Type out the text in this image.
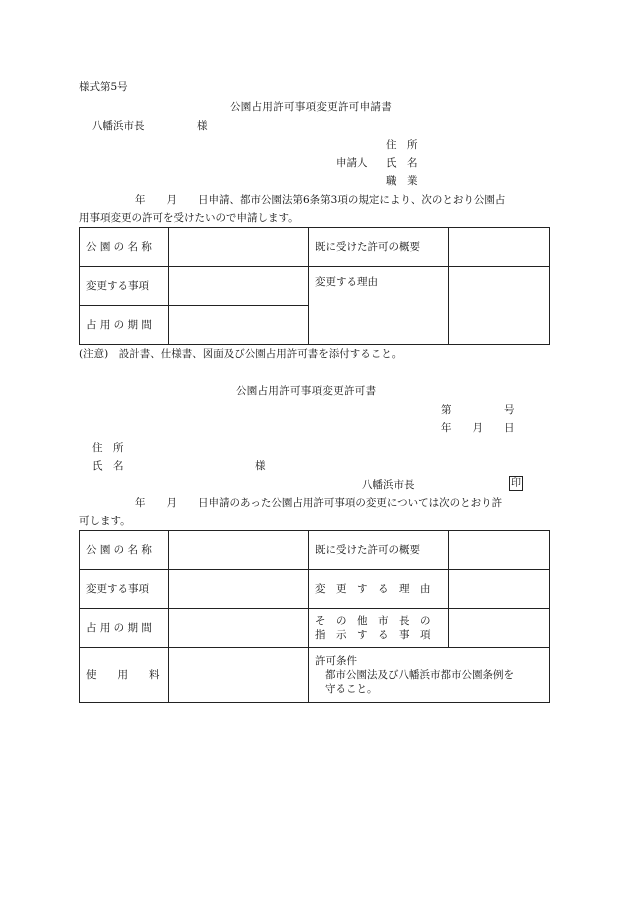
様式第5号
公園占用許可事項変更許可申請書
八幡浜市長　　　　　様
住　所
申請人 氏　名
職　業
年　　月　　日申請、都市公園法第6条第3項の規定により、次のとおり公園占
用事項変更の許可を受けたいので申請します。
公 園 の 名 称		既に受けた許可の概要	
変更する事項		変更する理由	
占 用 の 期 間			
(注意)　設計書、仕様書、図面及び公園占用許可書を添付すること。
公園占用許可事項変更許可書
第　　　　　号
年　　月　　日
住　所
氏　名	様
八幡浜市長	印
年　　月　　日申請のあった公園占用許可事項の変更については次のとおり許
可します。
公 園 の 名 称		既に受けた許可の概要	
変更する事項		変　更　す　る　理　由	
占 用 の 期 間		そ　の　他　市　長　の
指　示　す　る　事　項	

使　　用　　料		許可条件
都市公園法及び八幡浜市都市公園条例を
守ること。	
